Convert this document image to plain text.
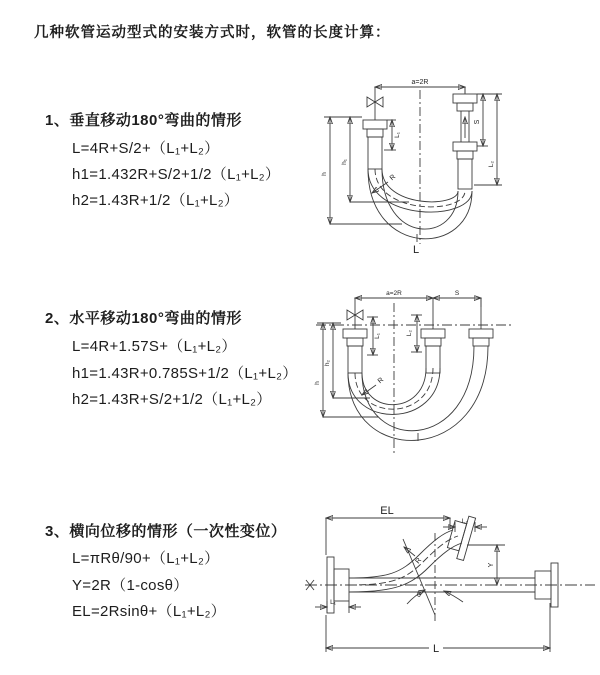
几种软管运动型式的安装方式时，软管的长度计算：
1、垂直移动180°弯曲的情形
L=4R+S/2+（L₁+L₂）
h1=1.432R+S/2+1/2（L₁+L₂）
h2=1.43R+1/2（L₁+L₂）
2、水平移动180°弯曲的情形
L=4R+1.57S+（L₁+L₂）
h1=1.43R+0.785S+1/2（L₁+L₂）
h2=1.43R+S/2+1/2（L₁+L₂）
3、横向位移的情形（一次性变位）
L=πRθ/90+（L₁+L₂）
Y=2R（1-cosθ）
EL=2Rsinθ+（L₁+L₂）
a=2R
L₁
S
L₂
h₁
h	R
L
a=2R	S
L₁	L₂
h₂
h	R
EL
L₂
Y
θ
R
L₁
L
